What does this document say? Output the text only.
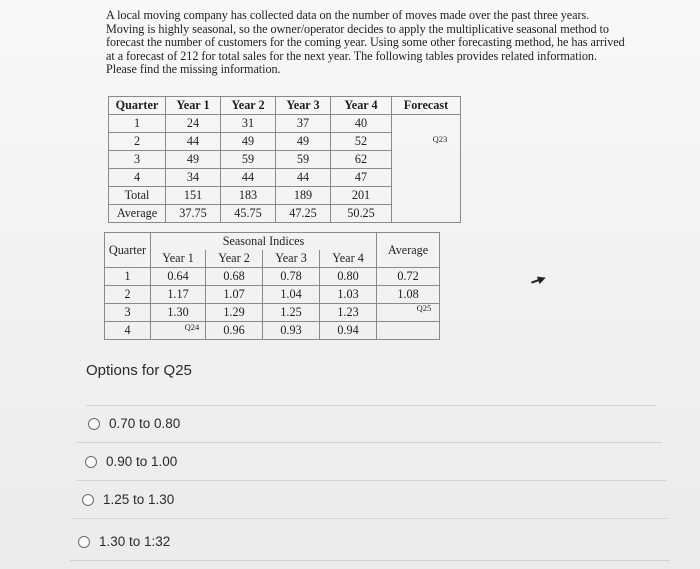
A local moving company has collected data on the number of moves made over the past three years. Moving is highly seasonal, so the owner/operator decides to apply the multiplicative seasonal method to forecast the number of customers for the coming year. Using some other forecasting method, he has arrived at a forecast of 212 for total sales for the next year. The following tables provides related information. Please find the missing information.
Quarter	Year 1	Year 2	Year 3	Year 4	Forecast
1	24	31	37	40	
2	44	49	49	52	$^{Q23}$
3	49	59	59	62	
4	34	44	44	47	
Total	151	183	189	201	
Average	37.75	45.75	47.25	50.25	
Quarter	Seasonal Indices				Average
	Year 1	Year 2	Year 3	Year 4	
1	0.64	0.68	0.78	0.80	0.72
2	1.17	1.07	1.04	1.03	1.08
3	1.30	1.29	1.25	1.23	$^{Q25}$
4	$^{Q24}$	0.96	0.93	0.94	
Options for Q25
0.70 to 0.80
0.90 to 1.00
1.25 to 1.30
1.30 to 1:32
